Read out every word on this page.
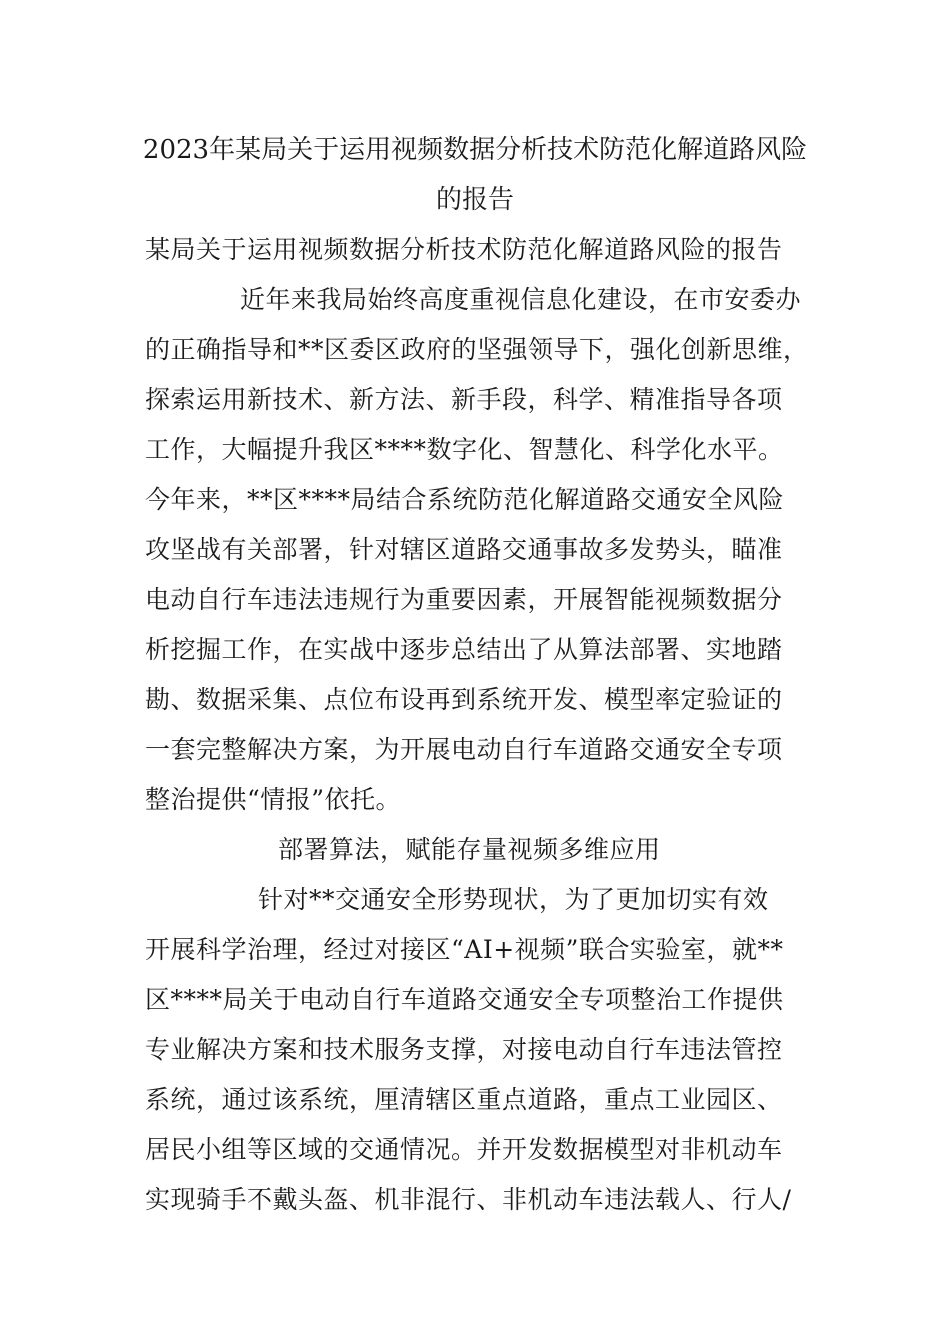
2023年某局关于运用视频数据分析技术防范化解道路风险
的报告
某局关于运用视频数据分析技术防范化解道路风险的报告
近年来我局始终高度重视信息化建设，在市安委办
的正确指导和**区委区政府的坚强领导下，强化创新思维，
探索运用新技术、新方法、新手段，科学、精准指导各项
工作，大幅提升我区****数字化、智慧化、科学化水平。
今年来，**区****局结合系统防范化解道路交通安全风险
攻坚战有关部署，针对辖区道路交通事故多发势头，瞄准
电动自行车违法违规行为重要因素，开展智能视频数据分
析挖掘工作，在实战中逐步总结出了从算法部署、实地踏
勘、数据采集、点位布设再到系统开发、模型率定验证的
一套完整解决方案，为开展电动自行车道路交通安全专项
整治提供“情报”依托。
部署算法，赋能存量视频多维应用
针对**交通安全形势现状，为了更加切实有效
开展科学治理，经过对接区“AI+视频”联合实验室，就**
区****局关于电动自行车道路交通安全专项整治工作提供
专业解决方案和技术服务支撑，对接电动自行车违法管控
系统，通过该系统，厘清辖区重点道路，重点工业园区、
居民小组等区域的交通情况。并开发数据模型对非机动车
实现骑手不戴头盔、机非混行、非机动车违法载人、行人/
